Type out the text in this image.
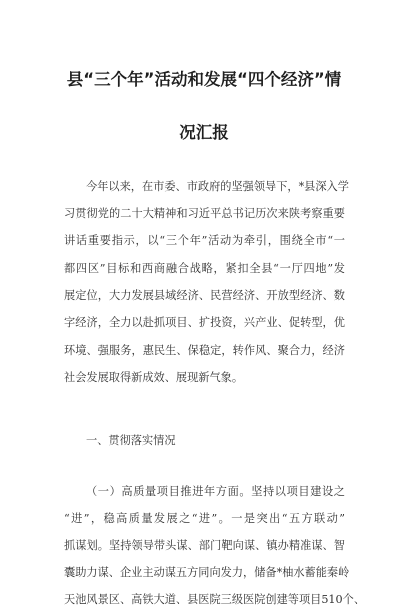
县“三个年”活动和发展“四个经济”情
况汇报
今年以来，在市委、市政府的坚强领导下，*县深入学
习贯彻党的二十大精神和习近平总书记历次来陕考察重要
讲话重要指示，以“三个年”活动为牵引，围绕全市“一
都四区”目标和西商融合战略，紧扣全县“一厅四地”发
展定位，大力发展县域经济、民营经济、开放型经济、数
字经济，全力以赴抓项目、扩投资，兴产业、促转型，优
环境、强服务，惠民生、保稳定，转作风、聚合力，经济
社会发展取得新成效、展现新气象。
一、贯彻落实情况
（一）高质量项目推进年方面。坚持以项目建设之
“进”，稳高质量发展之“进”。一是突出“五方联动”
抓谋划。坚持领导带头谋、部门靶向谋、镇办精准谋、智
囊助力谋、企业主动谋五方同向发力，储备*柚水蓄能秦岭
天池风景区、高铁大道、县医院三级医院创建等项目510个、
